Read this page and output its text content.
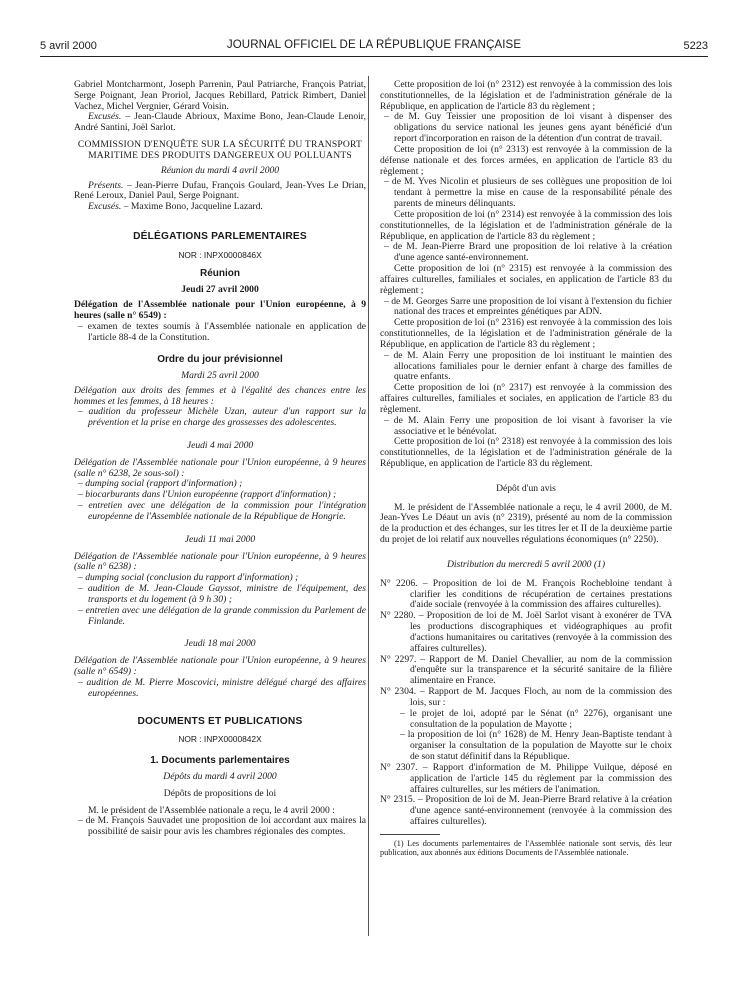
5 avril 2000	JOURNAL OFFICIEL DE LA RÉPUBLIQUE FRANÇAISE	5223

Gabriel Montcharmont, Joseph Parrenin, Paul Patriarche, François Patriat, Serge Poignant, Jean Proriol, Jacques Rebillard, Patrick Rimbert, Daniel Vachez, Michel Vergnier, Gérard Voisin.

Excusés. – Jean-Claude Abrioux, Maxime Bono, Jean-Claude Lenoir, André Santini, Joël Sarlot.

COMMISSION D'ENQUÊTE SUR LA SÉCURITÉ DU TRANSPORT MARITIME DES PRODUITS DANGEREUX OU POLLUANTS

Réunion du mardi 4 avril 2000

Présents. – Jean-Pierre Dufau, François Goulard, Jean-Yves Le Drian, René Leroux, Daniel Paul, Serge Poignant.

Excusés. – Maxime Bono, Jacqueline Lazard.

DÉLÉGATIONS PARLEMENTAIRES

NOR : INPX0000846X

Réunion

Jeudi 27 avril 2000

Délégation de l'Assemblée nationale pour l'Union européenne, à 9 heures (salle n° 6549) :

– examen de textes soumis à l'Assemblée nationale en application de l'article 88-4 de la Constitution.

Ordre du jour prévisionnel

Mardi 25 avril 2000

Délégation aux droits des femmes et à l'égalité des chances entre les hommes et les femmes, à 18 heures :

– audition du professeur Michèle Uzan, auteur d'un rapport sur la prévention et la prise en charge des grossesses des adolescentes.

Jeudi 4 mai 2000

Délégation de l'Assemblée nationale pour l'Union européenne, à 9 heures (salle n° 6238, 2e sous-sol) :

– dumping social (rapport d'information) ;

– biocarburants dans l'Union européenne (rapport d'information) ;

– entretien avec une délégation de la commission pour l'intégration européenne de l'Assemblée nationale de la République de Hongrie.

Jeudi 11 mai 2000

Délégation de l'Assemblée nationale pour l'Union européenne, à 9 heures (salle n° 6238) :

– dumping social (conclusion du rapport d'information) ;

– audition de M. Jean-Claude Gayssot, ministre de l'équipement, des transports et du logement (à 9 h 30) ;

– entretien avec une délégation de la grande commission du Parlement de Finlande.

Jeudi 18 mai 2000

Délégation de l'Assemblée nationale pour l'Union européenne, à 9 heures (salle n° 6549) :

– audition de M. Pierre Moscovici, ministre délégué chargé des affaires européennes.

DOCUMENTS ET PUBLICATIONS

NOR : INPX0000842X

1. Documents parlementaires

Dépôts du mardi 4 avril 2000

Dépôts de propositions de loi

M. le président de l'Assemblée nationale a reçu, le 4 avril 2000 :

– de M. François Sauvadet une proposition de loi accordant aux maires la possibilité de saisir pour avis les chambres régionales des comptes.

Cette proposition de loi (n° 2312) est renvoyée à la commission des lois constitutionnelles, de la législation et de l'administration générale de la République, en application de l'article 83 du règlement ;

– de M. Guy Teissier une proposition de loi visant à dispenser des obligations du service national les jeunes gens ayant bénéficié d'un report d'incorporation en raison de la détention d'un contrat de travail.

Cette proposition de loi (n° 2313) est renvoyée à la commission de la défense nationale et des forces armées, en application de l'article 83 du règlement ;

– de M. Yves Nicolin et plusieurs de ses collègues une proposition de loi tendant à permettre la mise en cause de la responsabilité pénale des parents de mineurs délinquants.

Cette proposition de loi (n° 2314) est renvoyée à la commission des lois constitutionnelles, de la législation et de l'administration générale de la République, en application de l'article 83 du règlement ;

– de M. Jean-Pierre Brard une proposition de loi relative à la création d'une agence santé-environnement.

Cette proposition de loi (n° 2315) est renvoyée à la commission des affaires culturelles, familiales et sociales, en application de l'article 83 du règlement ;

– de M. Georges Sarre une proposition de loi visant à l'extension du fichier national des traces et empreintes génétiques par ADN.

Cette proposition de loi (n° 2316) est renvoyée à la commission des lois constitutionnelles, de la législation et de l'administration générale de la République, en application de l'article 83 du règlement ;

– de M. Alain Ferry une proposition de loi instituant le maintien des allocations familiales pour le dernier enfant à charge des familles de quatre enfants.

Cette proposition de loi (n° 2317) est renvoyée à la commission des affaires culturelles, familiales et sociales, en application de l'article 83 du règlement.

– de M. Alain Ferry une proposition de loi visant à favoriser la vie associative et le bénévolat.

Cette proposition de loi (n° 2318) est renvoyée à la commission des lois constitutionnelles, de la législation et de l'administration générale de la République, en application de l'article 83 du règlement.

Dépôt d'un avis

M. le président de l'Assemblée nationale a reçu, le 4 avril 2000, de M. Jean-Yves Le Déaut un avis (n° 2319), présenté au nom de la commission de la production et des échanges, sur les titres Ier et II de la deuxième partie du projet de loi relatif aux nouvelles régulations économiques (n° 2250).

Distribution du mercredi 5 avril 2000 (1)

N° 2206. – Proposition de loi de M. François Rochebloine tendant à clarifier les conditions de récupération de certaines prestations d'aide sociale (renvoyée à la commission des affaires culturelles).

N° 2280. – Proposition de loi de M. Joël Sarlot visant à exonérer de TVA les productions discographiques et vidéographiques au profit d'actions humanitaires ou caritatives (renvoyée à la commission des affaires culturelles).

N° 2297. – Rapport de M. Daniel Chevallier, au nom de la commission d'enquête sur la transparence et la sécurité sanitaire de la filière alimentaire en France.

N° 2304. – Rapport de M. Jacques Floch, au nom de la commission des lois, sur :

– le projet de loi, adopté par le Sénat (n° 2276), organisant une consultation de la population de Mayotte ;

– la proposition de loi (n° 1628) de M. Henry Jean-Baptiste tendant à organiser la consultation de la population de Mayotte sur le choix de son statut définitif dans la République.

N° 2307. – Rapport d'information de M. Philippe Vuilque, déposé en application de l'article 145 du règlement par la commission des affaires culturelles, sur les métiers de l'animation.

N° 2315. – Proposition de loi de M. Jean-Pierre Brard relative à la création d'une agence santé-environnement (renvoyée à la commission des affaires culturelles).

(1) Les documents parlementaires de l'Assemblée nationale sont servis, dès leur publication, aux abonnés aux éditions Documents de l'Assemblée nationale.
